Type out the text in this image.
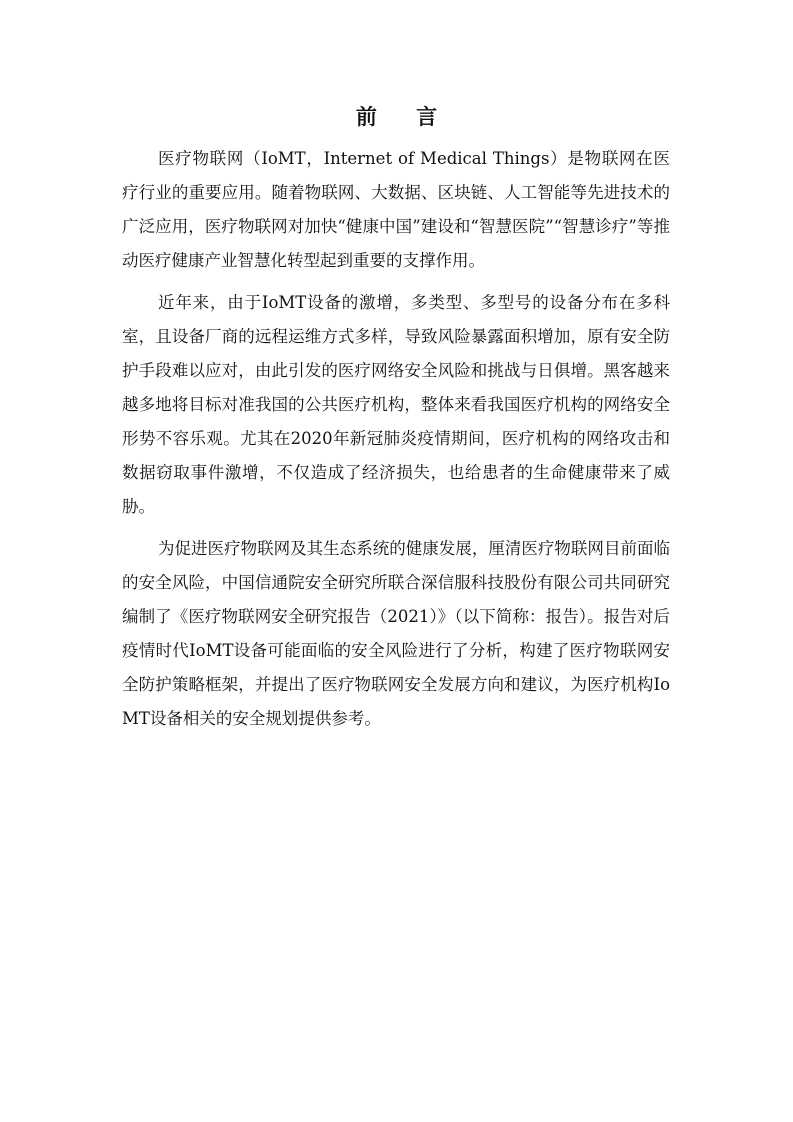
前 言

医疗物联网（IoMT，Internet of Medical Things）是物联网在医疗行业的重要应用。随着物联网、大数据、区块链、人工智能等先进技术的广泛应用，医疗物联网对加快“健康中国”建设和“智慧医院”“智慧诊疗”等推动医疗健康产业智慧化转型起到重要的支撑作用。

近年来，由于IoMT设备的激增，多类型、多型号的设备分布在多科室，且设备厂商的远程运维方式多样，导致风险暴露面积增加，原有安全防护手段难以应对，由此引发的医疗网络安全风险和挑战与日俱增。黑客越来越多地将目标对准我国的公共医疗机构，整体来看我国医疗机构的网络安全形势不容乐观。尤其在2020年新冠肺炎疫情期间，医疗机构的网络攻击和数据窃取事件激增，不仅造成了经济损失，也给患者的生命健康带来了威胁。

为促进医疗物联网及其生态系统的健康发展，厘清医疗物联网目前面临的安全风险，中国信通院安全研究所联合深信服科技股份有限公司共同研究编制了《医疗物联网安全研究报告（2021）》（以下简称：报告）。报告对后疫情时代IoMT设备可能面临的安全风险进行了分析，构建了医疗物联网安全防护策略框架，并提出了医疗物联网安全发展方向和建议，为医疗机构IoMT设备相关的安全规划提供参考。
